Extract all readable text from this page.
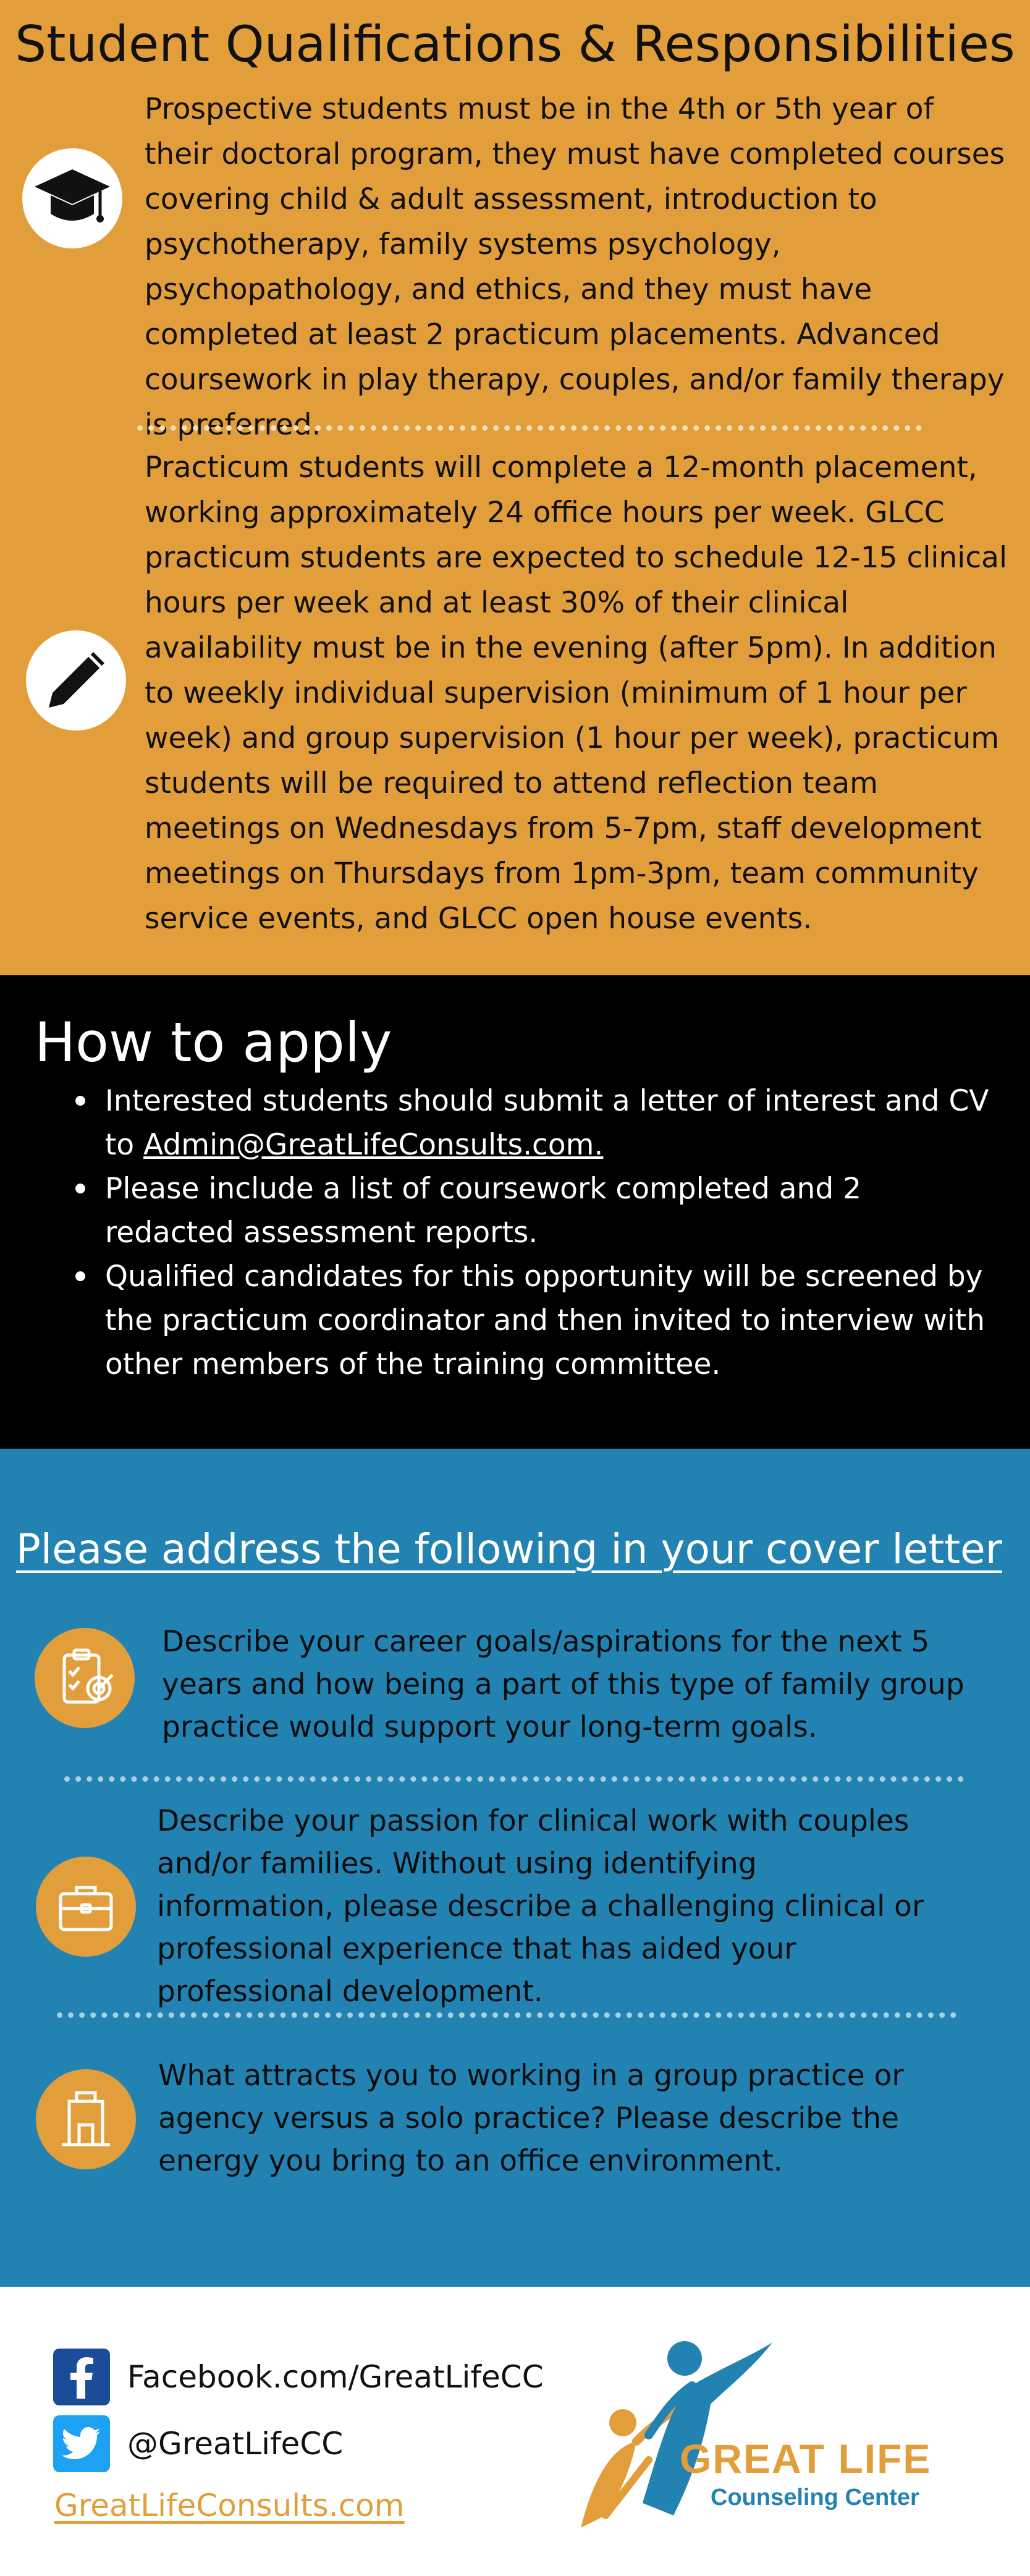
Student Qualifications & Responsibilities

Prospective students must be in the 4th or 5th year of their doctoral program, they must have completed courses covering child & adult assessment, introduction to psychotherapy, family systems psychology, psychopathology, and ethics, and they must have completed at least 2 practicum placements. Advanced coursework in play therapy, couples, and/or family therapy is preferred.

Practicum students will complete a 12-month placement, working approximately 24 office hours per week. GLCC practicum students are expected to schedule 12-15 clinical hours per week and at least 30% of their clinical availability must be in the evening (after 5pm). In addition to weekly individual supervision (minimum of 1 hour per week) and group supervision (1 hour per week), practicum students will be required to attend reflection team meetings on Wednesdays from 5-7pm, staff development meetings on Thursdays from 1pm-3pm, team community service events, and GLCC open house events.

How to apply
Interested students should submit a letter of interest and CV to Admin@GreatLifeConsults.com.
Please include a list of coursework completed and 2 redacted assessment reports.
Qualified candidates for this opportunity will be screened by the practicum coordinator and then invited to interview with other members of the training committee.
Please address the following in your cover letter

Describe your career goals/aspirations for the next 5 years and how being a part of this type of family group practice would support your long-term goals.

Describe your passion for clinical work with couples and/or families. Without using identifying information, please describe a challenging clinical or professional experience that has aided your professional development.

What attracts you to working in a group practice or agency versus a solo practice? Please describe the energy you bring to an office environment.

Facebook.com/GreatLifeCC
@GreatLifeCC
GreatLifeConsults.com
GREAT LIFE
Counseling Center
